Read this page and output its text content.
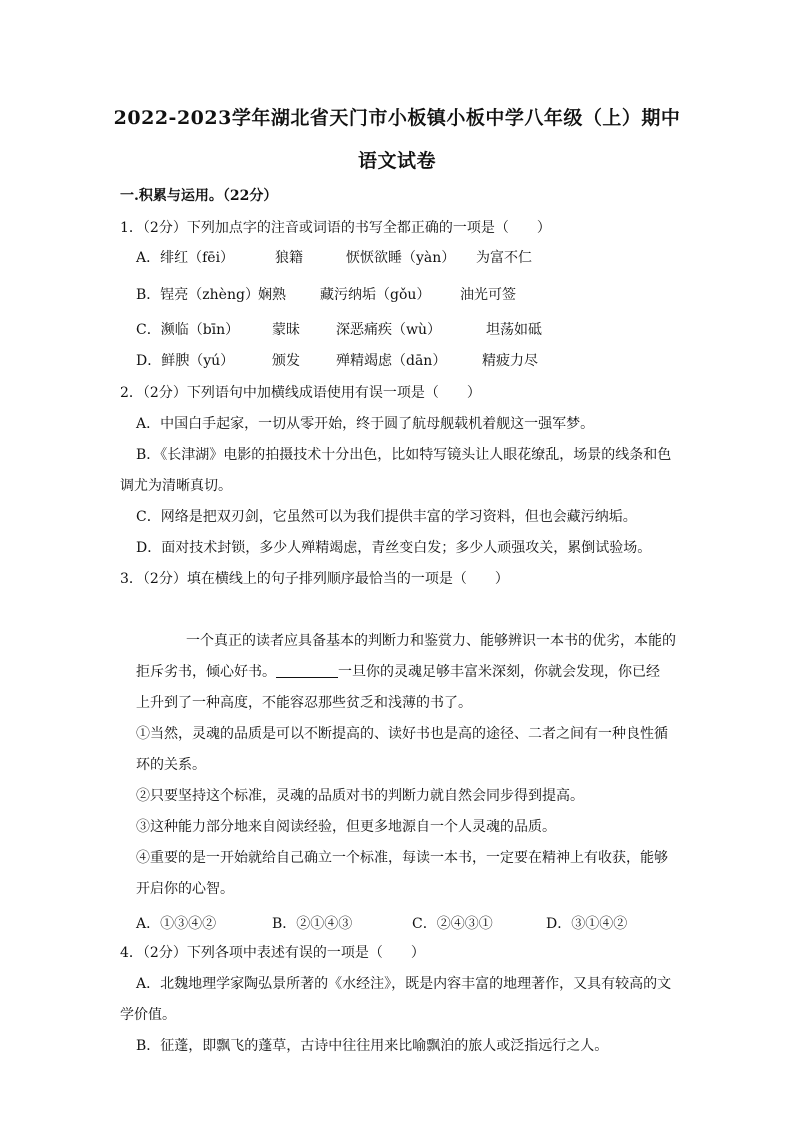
2022-2023学年湖北省天门市小板镇小板中学八年级（上）期中
语文试卷
一.积累与运用。（22分）
1．（2分）下列加点字的注音或词语的书写全都正确的一项是（　　）
A．绯红（fēi）	狼籍	恹恹欲睡（yàn） 为富不仁
B．锃亮（zhèng） 娴熟 藏污纳垢（gǒu） 油光可签
C．濒临（bīn） 蒙昧	深恶痛疾（wù）	坦荡如砥
D．鲜腴（yú）	颁发	殚精竭虑（dān）	精疲力尽
2．（2分）下列语句中加横线成语使用有误一项是（　　）
A．中国白手起家，一切从零开始，终于圆了航母舰载机着舰这一强军梦。
B．《长津湖》电影的拍摄技术十分出色，比如特写镜头让人眼花缭乱，场景的线条和色
调尤为清晰真切。
C．网络是把双刃剑，它虽然可以为我们提供丰富的学习资料，但也会藏污纳垢。
D．面对技术封锁，多少人殚精竭虑，青丝变白发；多少人顽强攻关，累倒试验场。
3．（2分）填在横线上的句子排列顺序最恰当的一项是（　　）
一个真正的读者应具备基本的判断力和鉴赏力、能够辨识一本书的优劣，本能的
拒斥劣书，倾心好书。	一旦你的灵魂足够丰富米深刻，你就会发现，你已经
上升到了一种高度，不能容忍那些贫乏和浅薄的书了。
①当然，灵魂的品质是可以不断提高的、读好书也是高的途径、二者之间有一种良性循
环的关系。
②只要坚持这个标准，灵魂的品质对书的判断力就自然会同步得到提高。
③这种能力部分地来自阅读经验，但更多地源自一个人灵魂的品质。
④重要的是一开始就给自己确立一个标准，每读一本书，一定要在精神上有收获，能够
开启你的心智。
A．①③④②	B．②①④③	C．②④③①	D．③①④②
4．（2分）下列各项中表述有误的一项是（　　）
A．北魏地理学家陶弘景所著的《水经注》，既是内容丰富的地理著作，又具有较高的文
学价值。
B．征蓬，即飘飞的蓬草，古诗中往往用来比喻飘泊的旅人或泛指远行之人。
